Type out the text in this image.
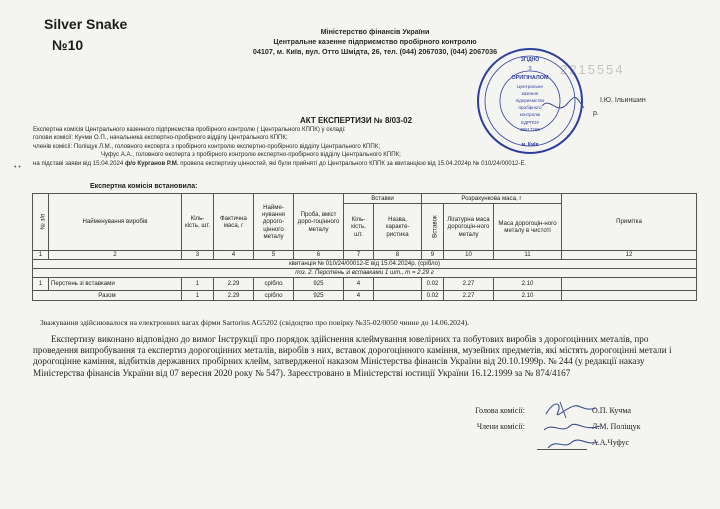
Silver Snake
№10
Міністерство фінансів України
Центральне казенне підприємство пробірного контролю
04107, м. Київ, вул. Отто Шмідта, 26, тел. (044) 2067030, (044) 2067036
2215554
ЗГІДНО
З
ОРИГІНАЛОМ
Центральне
казенне
підприємство
пробірного
контролю
ЄДРПОУ
36617268
м. Київ
І.Ю. Ільиншин
р.
АКТ ЕКСПЕРТИЗИ № 8/03-02
Експертна комісія Центрального казенного підприємства пробірного контролю ( Центрального КППК) у складі:
голови комісії: Кучми О.П., начальника експертно-пробірного відділу Центрального КППК;
членів комісії: Поліщук Л.М., головного експерта з пробірного контролю експертно-пробірного відділу Центрального КППК;
Чуфус А.А., головного експерта з пробірного контролю експертно-пробірного відділу Центрального КППК;
на підставі заяви від 15.04.2024 ф/о Курганов Р.М. провела експертизу цінностей, які були прийняті до Центрального КППК за квитанцією від 15.04.2024р № 010/24/00012-Е.
• •
Експертна комісія встановила:
№ з/п	Найменування виробів	Кіль-кість, шт.	Фактична маса, г	Наймe-нування дорого-цінного металу	Проба, вміст доро-гоцінного металу	Вставки		Розрахункова маса, г			Примітка
						Кіль-кість, шт.	Назва, характе-ристика	Вставок	Лігатурна маса дорогоцін-ного металу	Маса дорогоцін-ного металу в чистоті	
1	2	3	4	5	6	7	8	9	10	11	12
квитанція № 010/24/00012-Е від 15.04.2024р. (срібло)											
поз. 2. Перстень зі вставками 1 шт., m = 2.29 г											
1	Перстень зі вставками	1	2.29	срібло	925	4		0.02	2.27	2.10	
Разом		1	2.29	срібло	925	4		0.02	2.27	2.10	
Зважування здійснювалося на електронних вагах фірми Sartorius AG5202 (свідоцтво про повірку №35-02/0050 чинне до 14.06.2024).

Експертизу виконано відповідно до вимог Інструкції про порядок здійснення клеймування ювелірних та побутових виробів з дорогоцінних металів, про проведення випробування та експертиз дорогоцінних металів, виробів з них, вставок дорогоцінного каміння, музейних предметів, які містять дорогоцінні метали і дорогоцінне каміння, відбитків державних пробірних клейм, затвердженої наказом Міністерства фінансів України від 20.10.1999р. № 244 (у редакції наказу Міністерства фінансів України від 07 вересня 2020 року № 547). Зареєстровано в Міністерстві юстиції України 16.12.1999 за № 874/4167

Голова комісії:	О.П. Кучма
Члени комісії:	Л.М. Поліщук
А.А.Чуфус
